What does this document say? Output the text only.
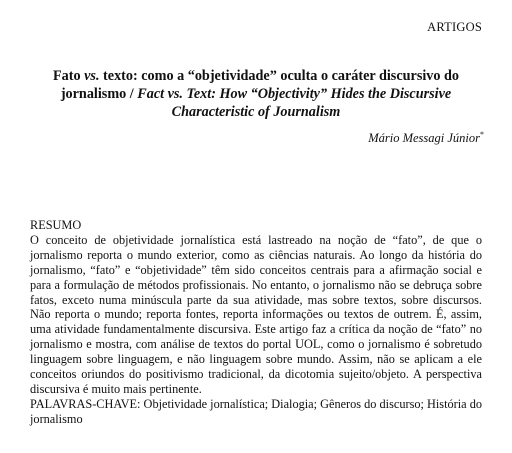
ARTIGOS
Fato vs. texto: como a “objetividade” oculta o caráter discursivo do jornalismo / Fact vs. Text: How “Objectivity” Hides the Discursive Characteristic of Journalism
Mário Messagi Júnior*
RESUMO

O conceito de objetividade jornalística está lastreado na noção de “fato”, de que o jornalismo reporta o mundo exterior, como as ciências naturais. Ao longo da história do jornalismo, “fato” e “objetividade” têm sido conceitos centrais para a afirmação social e para a formulação de métodos profissionais. No entanto, o jornalismo não se debruça sobre fatos, exceto numa minúscula parte da sua atividade, mas sobre textos, sobre discursos. Não reporta o mundo; reporta fontes, reporta informações ou textos de outrem. É, assim, uma atividade fundamentalmente discursiva. Este artigo faz a crítica da noção de “fato” no jornalismo e mostra, com análise de textos do portal UOL, como o jornalismo é sobretudo linguagem sobre linguagem, e não linguagem sobre mundo. Assim, não se aplicam a ele conceitos oriundos do positivismo tradicional, da dicotomia sujeito/objeto. A perspectiva discursiva é muito mais pertinente.

PALAVRAS-CHAVE: Objetividade jornalística; Dialogia; Gêneros do discurso; História do jornalismo
